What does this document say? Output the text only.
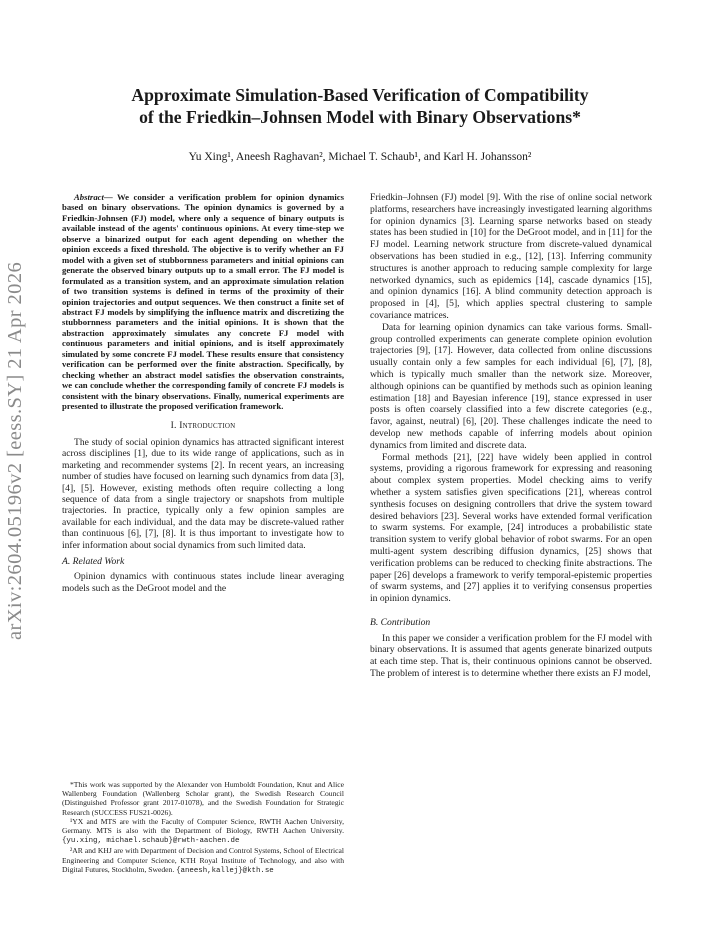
arXiv:2604.05196v2 [eess.SY] 21 Apr 2026
Approximate Simulation-Based Verification of Compatibility
of the Friedkin–Johnsen Model with Binary Observations*
Yu Xing¹, Aneesh Raghavan², Michael T. Schaub¹, and Karl H. Johansson²

Abstract— We consider a verification problem for opinion dynamics based on binary observations. The opinion dynamics is governed by a Friedkin-Johnsen (FJ) model, where only a sequence of binary outputs is available instead of the agents' continuous opinions. At every time-step we observe a binarized output for each agent depending on whether the opinion exceeds a fixed threshold. The objective is to verify whether an FJ model with a given set of stubbornness parameters and initial opinions can generate the observed binary outputs up to a small error. The FJ model is formulated as a transition system, and an approximate simulation relation of two transition systems is defined in terms of the proximity of their opinion trajectories and output sequences. We then construct a finite set of abstract FJ models by simplifying the influence matrix and discretizing the stubbornness parameters and the initial opinions. It is shown that the abstraction approximately simulates any concrete FJ model with continuous parameters and initial opinions, and is itself approximately simulated by some concrete FJ model. These results ensure that consistency verification can be performed over the finite abstraction. Specifically, by checking whether an abstract model satisfies the observation constraints, we can conclude whether the corresponding family of concrete FJ models is consistent with the binary observations. Finally, numerical experiments are presented to illustrate the proposed verification framework.

I. Introduction

The study of social opinion dynamics has attracted significant interest across disciplines [1], due to its wide range of applications, such as in marketing and recommender systems [2]. In recent years, an increasing number of studies have focused on learning such dynamics from data [3], [4], [5]. However, existing methods often require collecting a long sequence of data from a single trajectory or snapshots from multiple trajectories. In practice, typically only a few opinion samples are available for each individual, and the data may be discrete-valued rather than continuous [6], [7], [8]. It is thus important to investigate how to infer information about social dynamics from such limited data.

A. Related Work

Opinion dynamics with continuous states include linear averaging models such as the DeGroot model and the

*This work was supported by the Alexander von Humboldt Foundation, Knut and Alice Wallenberg Foundation (Wallenberg Scholar grant), the Swedish Research Council (Distinguished Professor grant 2017-01078), and the Swedish Foundation for Strategic Research (SUCCESS FUS21-0026).

¹YX and MTS are with the Faculty of Computer Science, RWTH Aachen University, Germany. MTS is also with the Department of Biology, RWTH Aachen University. {yu.xing, michael.schaub}@rwth-aachen.de

²AR and KHJ are with Department of Decision and Control Systems, School of Electrical Engineering and Computer Science, KTH Royal Institute of Technology, and also with Digital Futures, Stockholm, Sweden. {aneesh,kallej}@kth.se

Friedkin–Johnsen (FJ) model [9]. With the rise of online social network platforms, researchers have increasingly investigated learning algorithms for opinion dynamics [3]. Learning sparse networks based on steady states has been studied in [10] for the DeGroot model, and in [11] for the FJ model. Learning network structure from discrete-valued dynamical observations has been studied in e.g., [12], [13]. Inferring community structures is another approach to reducing sample complexity for large networked dynamics, such as epidemics [14], cascade dynamics [15], and opinion dynamics [16]. A blind community detection approach is proposed in [4], [5], which applies spectral clustering to sample covariance matrices.

Data for learning opinion dynamics can take various forms. Small-group controlled experiments can generate complete opinion evolution trajectories [9], [17]. However, data collected from online discussions usually contain only a few samples for each individual [6], [7], [8], which is typically much smaller than the network size. Moreover, although opinions can be quantified by methods such as opinion leaning estimation [18] and Bayesian inference [19], stance expressed in user posts is often coarsely classified into a few discrete categories (e.g., favor, against, neutral) [6], [20]. These challenges indicate the need to develop new methods capable of inferring models about opinion dynamics from limited and discrete data.

Formal methods [21], [22] have widely been applied in control systems, providing a rigorous framework for expressing and reasoning about complex system properties. Model checking aims to verify whether a system satisfies given specifications [21], whereas control synthesis focuses on designing controllers that drive the system toward desired behaviors [23]. Several works have extended formal verification to swarm systems. For example, [24] introduces a probabilistic state transition system to verify global behavior of robot swarms. For an open multi-agent system describing diffusion dynamics, [25] shows that verification problems can be reduced to checking finite abstractions. The paper [26] develops a framework to verify temporal-epistemic properties of swarm systems, and [27] applies it to verifying consensus properties in opinion dynamics.

B. Contribution

In this paper we consider a verification problem for the FJ model with binary observations. It is assumed that agents generate binarized outputs at each time step. That is, their continuous opinions cannot be observed. The problem of interest is to determine whether there exists an FJ model,
